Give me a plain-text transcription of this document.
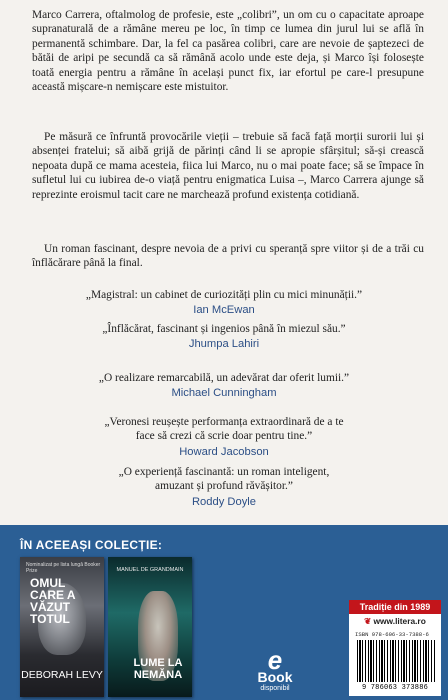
Marco Carrera, oftalmolog de profesie, este „colibri”, un om cu o capacitate aproape supranaturală de a rămâne mereu pe loc, în timp ce lumea din jurul lui se află în permanentă schimbare. Dar, la fel ca pasărea colibri, care are nevoie de șaptezeci de bătăi de aripi pe secundă ca să rămână acolo unde este deja, și Marco își folosește toată energia pentru a rămâne în același punct fix, iar efortul pe care-l presupune această mișcare-n nemișcare este mistuitor.

Pe măsură ce înfruntă provocările vieții – trebuie să facă față morții surorii lui și absenței fratelui; să aibă grijă de părinți când li se apropie sfârșitul; să-și crească nepoata după ce mama acesteia, fiica lui Marco, nu o mai poate face; să se împace în sufletul lui cu iubirea de-o viață pentru enigmatica Luisa –, Marco Carrera ajunge să reprezinte eroismul tacit care ne marchează profund existența cotidiană.

Un roman fascinant, despre nevoia de a privi cu speranță spre viitor și de a trăi cu înflăcărare până la final.

„Magistral: un cabinet de curiozități plin cu mici minunății.”
Ian McEwan
„Înflăcărat, fascinant și ingenios până în miezul său.”
Jhumpa Lahiri
„O realizare remarcabilă, un adevărat dar oferit lumii.”
Michael Cunningham
„Veronesi reușește performanța extraordinară de a te face să crezi că scrie doar pentru tine.”
Howard Jacobson
„O experiență fascinantă: un roman inteligent, amuzant și profund răvășitor.”
Roddy Doyle
ÎN ACEEAȘI COLECȚIE:
Nominalizat pe lista lungă Booker Prize
OMUL CARE A VĂZUT TOTUL
DEBORAH LEVY
MANUEL DE GRANDMAIN
LUME LA NEMĂNA	e
Book
disponibil
Tradiție din 1989
❦ www.litera.ro
ISBN 978-606-33-7388-6
9 786063 373886
